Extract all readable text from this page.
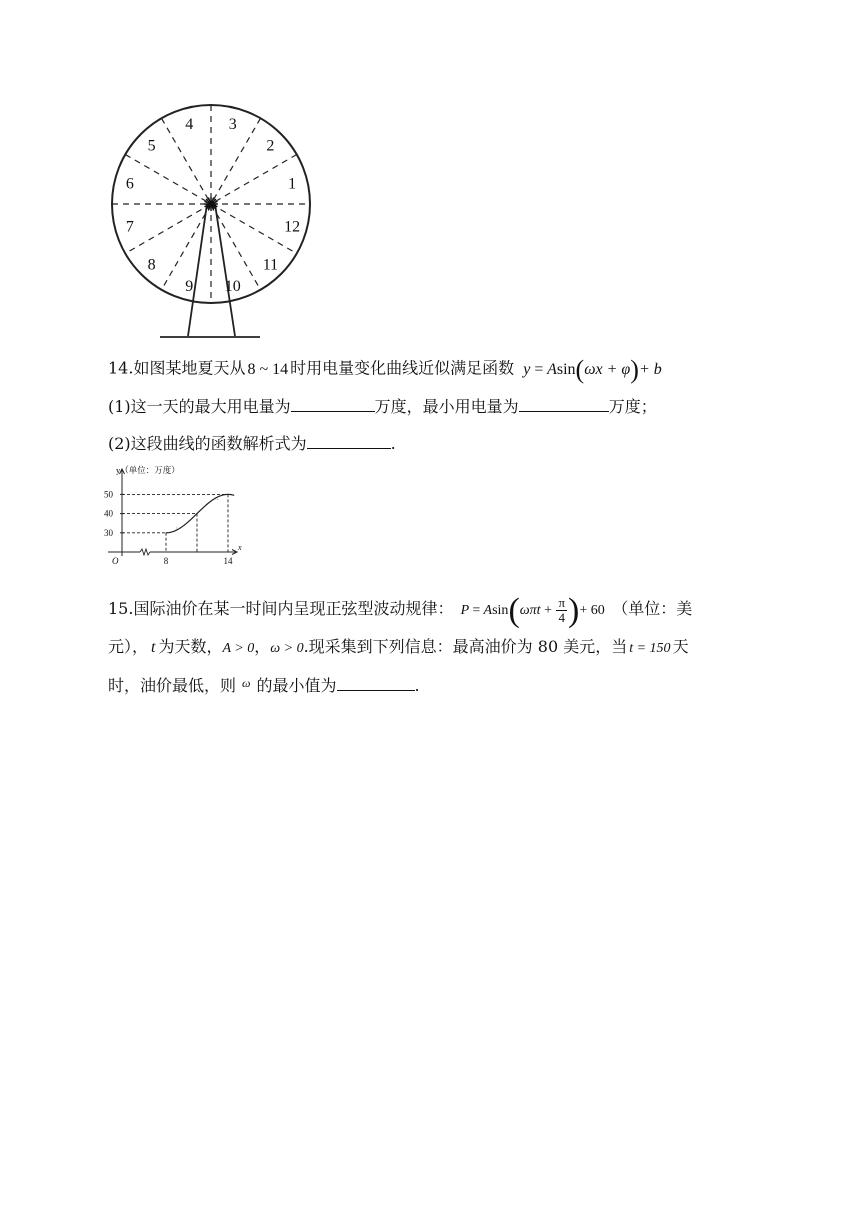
1
2
3
4
5
6
7
8
9 10
11
12
14.如图某地夏天从 8 ~ 14 时用电量变化曲线近似满足函数 y = Asin(ωx + φ)+ b
(1)这一天的最大用电量为	万度，最小用电量为	万度；
(2)这段曲线的函数解析式为	.
y（单位：万度）
x
O
50
40
30
8	14
15.国际油价在某一时间内呈现正弦型波动规律： $P = Asin(\omega\pi t + \frac{\pi}{4}$ )+ 60 （单位：美
元）， t 为天数，A > 0，ω > 0.现采集到下列信息：最高油价为 80 美元，当 t = 150 天
时，油价最低，则 $^\omega$ 的最小值为	.
